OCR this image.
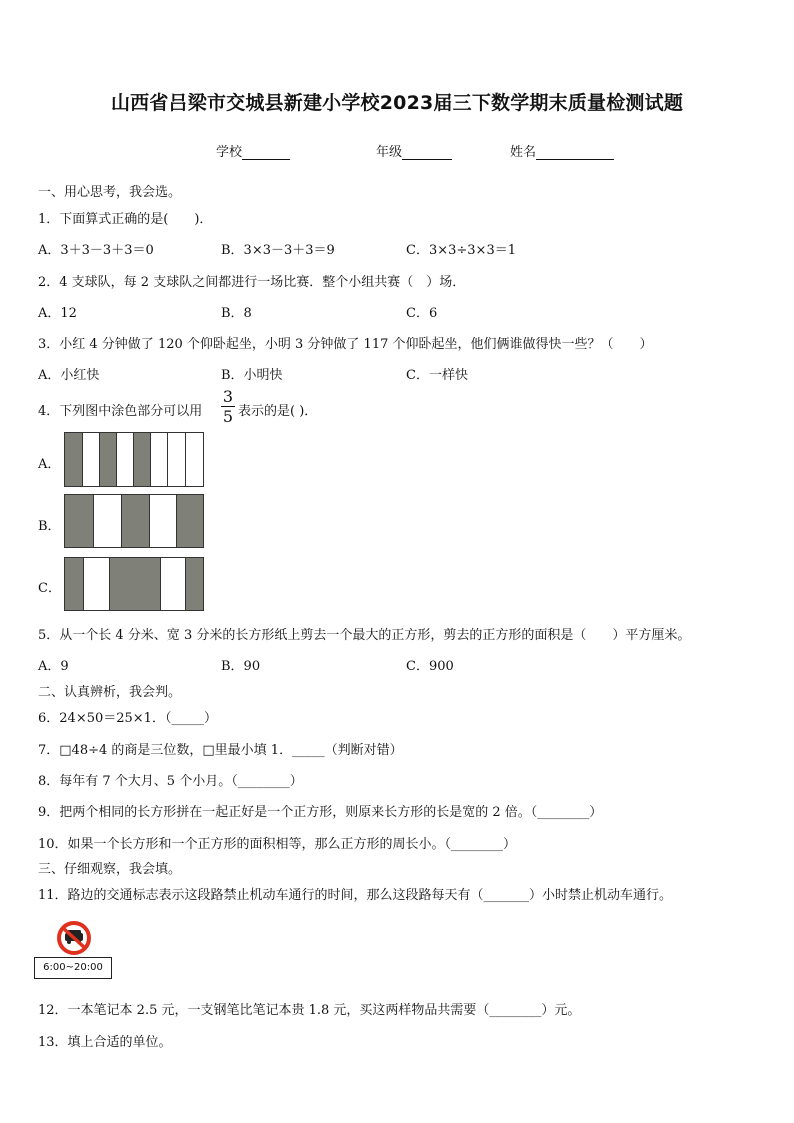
山西省吕梁市交城县新建小学校2023届三下数学期末质量检测试题
学校	年级	姓名
一、用心思考，我会选。
1．下面算式正确的是(　　)．
A．3＋3－3＋3＝0	B．3×3－3＋3＝9	C．3×3÷3×3＝1
2．4 支球队，每 2 支球队之间都进行一场比赛．整个小组共赛（　）场．
A．12	B．8	C．6
3．小红 4 分钟做了 120 个仰卧起坐，小明 3 分钟做了 117 个仰卧起坐，他们俩谁做得快一些？（　　）
A．小红快	B．小明快	C．一样快
4．下列图中涂色部分可以用
3
5 表示的是( )．
A．
B．
C．
5．从一个长 4 分米、宽 3 分米的长方形纸上剪去一个最大的正方形，剪去的正方形的面积是（　　）平方厘米。
A．9	B．90	C．900
二、认真辨析，我会判。
6．24×50＝25×1．（_____）
7．□48÷4 的商是三位数，□里最小填 1．_____（判断对错）
8．每年有 7 个大月、5 个小月。（________）
9．把两个相同的长方形拼在一起正好是一个正方形，则原来长方形的长是宽的 2 倍。（________）
10．如果一个长方形和一个正方形的面积相等，那么正方形的周长小。（________）
三、仔细观察，我会填。
11．路边的交通标志表示这段路禁止机动车通行的时间，那么这段路每天有（_______）小时禁止机动车通行。
6:00~20:00
12．一本笔记本 2.5 元，一支钢笔比笔记本贵 1.8 元，买这两样物品共需要（________）元。
13．填上合适的单位。
